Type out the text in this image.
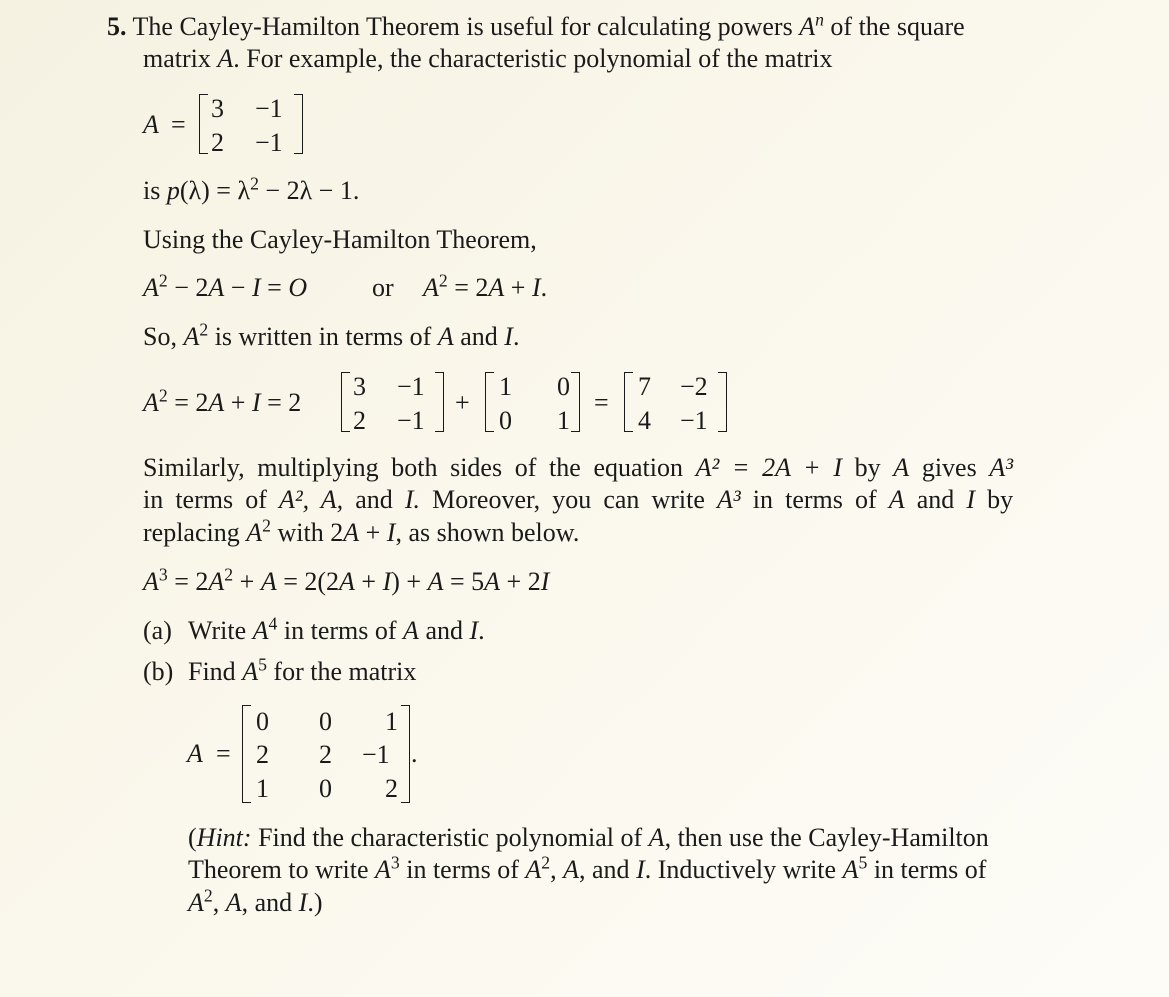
5. The Cayley-Hamilton Theorem is useful for calculating powers $A^n$ of the square
matrix A. For example, the characteristic polynomial of the matrix
A =
3 −1
2 −1
is $p(\lambda) = \lambda^2 - 2\lambda - 1$.
Using the Cayley-Hamilton Theorem,
$A^2 - 2A - I = O$ or $A^2 = 2A + I$.
So, $A^2$ is written in terms of A and I.
$A^2 = 2A + I = 2$
3 −1
2 −1
+
1 0
0 1
=
7 −2
4 −1
Similarly, multiplying both sides of the equation A² = 2A + I by A gives A³
in terms of A², A, and I. Moreover, you can write A³ in terms of A and I by
replacing $A^2$ with 2A + I, as shown below.
$A^3 = 2A^2 + A = 2(2A + I) + A = 5A + 2I$
(a) Write $A^4$ in terms of A and I.
(b) Find $A^5$ for the matrix
A =
0 0 1
2 2 −1
1 0 2
.
(Hint: Find the characteristic polynomial of A, then use the Cayley-Hamilton
Theorem to write $A^3$ in terms of $A^2$, A, and I. Inductively write $A^5$ in terms of
$A^2$, A, and I.)
